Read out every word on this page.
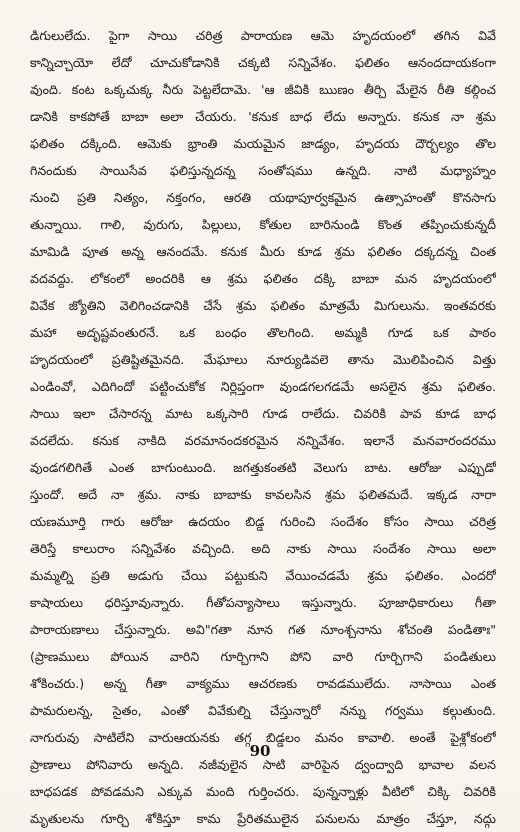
డిగులులేదు. పైగా సాయి చరిత్ర పారాయణ ఆమె హృదయంలో తగిన వివే
కాన్నిచ్చాయో లేదో చూచుకోడానికి చక్కటి సన్నివేశం. ఫలితం ఆనందదాయకంగా
వుంది. కంట ఒక్కచుక్క నీరు పెట్టలేదామె. 'ఆ జీవికి ఋణం తీర్చి మేలైన రీతి కల్గించ
డానికి కాకపోతే బాబా అలా చేయరు. 'కనుక బాధ లేదు అన్నారు. కనుక నా శ్రమ
ఫలితం దక్కింది. ఆమెకు భ్రాంతి మయమైన జాడ్యం, హృదయ దౌర్బల్యం తొల
గినందుకు సాయిసేవ ఫలిస్తున్నదన్న సంతోషము ఉన్నది. నాటి మధ్యాహ్నం
నుంచి ప్రతి నిత్యం, నక్తంగం, ఆరతి యథాపూర్వకమైన ఉత్సాహంతో కొనసాగు
తున్నాయి. గాలి, వురుగు, పిల్లులు, కోతుల బారినుండి కొంత తప్పించుకున్నదీ
మామిడి పూత అన్న ఆనందమే. కనుక మీరు కూడ శ్రమ ఫలితం దక్కదన్న చింత
వదవద్దు. లోకంలో అందరికి ఆ శ్రమ ఫలితం దక్కి బాబా మన హృదయంలో
వివేక జ్యోతిని వెలిగించడానికి చేసే శ్రమ ఫలితం మాత్రమే మిగులును. ఇంతవరకు
మహా అదృష్టవంతురనే. ఒక బంధం తొలగింది. అమ్మకి గూడ ఒక పాఠం
హృదయంలో ప్రతిష్టితమైనది. మేఘాలు నూర్యుడివలె తాను మొలిపించిన విత్తు
ఎండింవో, ఎదిగిందో పట్టించుకోక నిర్లిప్తంగా వుండగలగడమే అసలైన శ్రమ ఫలితం.
సాయి ఇలా చేసారన్న మాట ఒక్కసారి గూడ రాలేదు. చివరికి పావ కూడ బాధ
వదలేదు. కనుక నాకిది వరమానందకరమైన నన్నివేశం. ఇలానే మనవారందరము
వుండగలిగితే ఎంత బాగుంటుంది. జగత్తుకంతటి వెలుగు బాట. ఆరోజు ఎప్పుడో
స్తుందో. అదే నా శ్రమ. నాకు బాబాకు కావలసిన శ్రమ ఫలితమదే. ఇక్కడ నారా
యణమూర్తి గారు ఆరోజు ఉదయం బిడ్డ గురించి సందేశం కోసం సాయి చరిత్ర
తెరిస్తే కాలురాం సన్నివేశం వచ్చింది. అది నాకు సాయి సందేశం సాయి అలా
మమ్మల్ని ప్రతి అడుగు చేయి పట్టుకుని వేయించడమే శ్రమ ఫలితం. ఎందరో
కాషాయలు ధరిస్తూవున్నారు. గీతోపన్యాసాలు ఇస్తున్నారు. పూజాధికారులు గీతా
పారాయణాలు చేస్తున్నారు. అవి"గతా నూన గత నూంశ్చనాను శోచంతి పండితాః"
(ప్రాణములు పోయిన వారిని గూర్చిగాని పోని వారి గూర్చిగాని పండితులు
శోకించరు.) అన్న గీతా వాక్యము ఆచరణకు రావడములేదు. నాసాయి ఎంత
పామరులన్న, సైతం, ఎంతో వివేకుల్ని చేస్తున్నారో నన్ను గర్వము కల్గుతుంది.
నాగురువు సాటిలేని వారుఆయనకు తగ్గ బిడ్డలం మనం కావాలి. అంతే పైశ్లోకంలో
ప్రాణాలు పోనివారు అన్నది. నజీవులైన సాటి వారిపైన ద్వంద్వాది భావాల వలన
బాధపడక పోవడమని ఎక్కువ మంది గుర్తించరు. పున్నన్నాళ్లు వీటిలో చిక్కి చివరికి
మృతులను గూర్చి శోకిస్తూ కామ ప్రేరితములైన పనులను మాత్రం చేస్తూ, నద్గు
90
